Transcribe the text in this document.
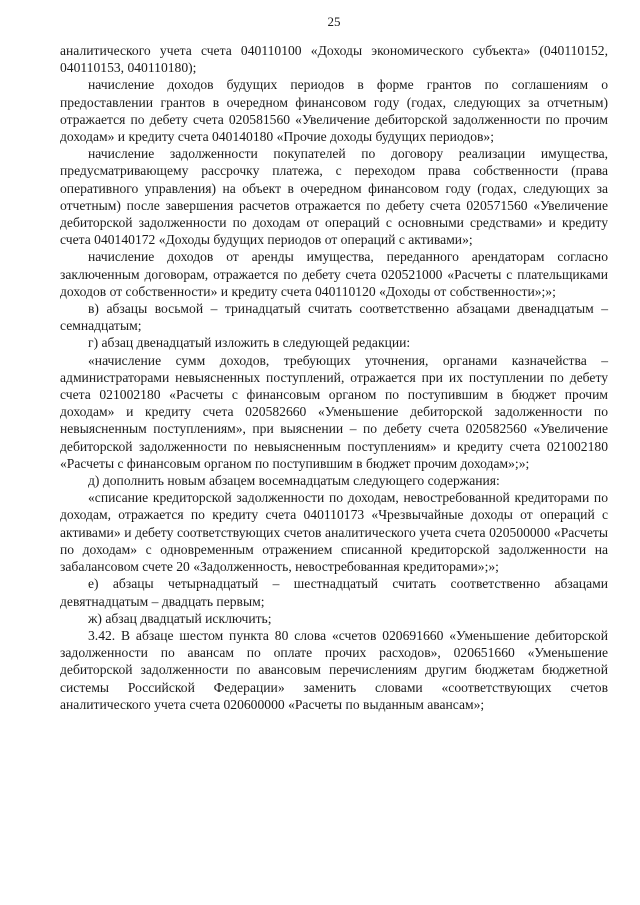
25

аналитического учета счета 040110100 «Доходы экономического субъекта» (040110152, 040110153, 040110180);

начисление доходов будущих периодов в форме грантов по соглашениям о предоставлении грантов в очередном финансовом году (годах, следующих за отчетным) отражается по дебету счета 020581560 «Увеличение дебиторской задолженности по прочим доходам» и кредиту счета 040140180 «Прочие доходы будущих периодов»;

начисление задолженности покупателей по договору реализации имущества, предусматривающему рассрочку платежа, с переходом права собственности (права оперативного управления) на объект в очередном финансовом году (годах, следующих за отчетным) после завершения расчетов отражается по дебету счета 020571560 «Увеличение дебиторской задолженности по доходам от операций с основными средствами» и кредиту счета 040140172 «Доходы будущих периодов от операций с активами»;

начисление доходов от аренды имущества, переданного арендаторам согласно заключенным договорам, отражается по дебету счета 020521000 «Расчеты с плательщиками доходов от собственности» и кредиту счета 040110120 «Доходы от собственности»;»;

в) абзацы восьмой – тринадцатый считать соответственно абзацами двенадцатым – семнадцатым;

г) абзац двенадцатый изложить в следующей редакции:

«начисление сумм доходов, требующих уточнения, органами казначейства – администраторами невыясненных поступлений, отражается при их поступлении по дебету счета 021002180 «Расчеты с финансовым органом по поступившим в бюджет прочим доходам» и кредиту счета 020582660 «Уменьшение дебиторской задолженности по невыясненным поступлениям», при выяснении – по дебету счета 020582560 «Увеличение дебиторской задолженности по невыясненным поступлениям» и кредиту счета 021002180 «Расчеты с финансовым органом по поступившим в бюджет прочим доходам»;»;

д) дополнить новым абзацем восемнадцатым следующего содержания:

«списание кредиторской задолженности по доходам, невостребованной кредиторами по доходам, отражается по кредиту счета 040110173 «Чрезвычайные доходы от операций с активами» и дебету соответствующих счетов аналитического учета счета 020500000 «Расчеты по доходам» с одновременным отражением списанной кредиторской задолженности на забалансовом счете 20 «Задолженность, невостребованная кредиторами»;»;

е) абзацы четырнадцатый – шестнадцатый считать соответственно абзацами девятнадцатым – двадцать первым;

ж) абзац двадцатый исключить;

3.42. В абзаце шестом пункта 80 слова «счетов 020691660 «Уменьшение дебиторской задолженности по авансам по оплате прочих расходов», 020651660 «Уменьшение дебиторской задолженности по авансовым перечислениям другим бюджетам бюджетной системы Российской Федерации» заменить словами «соответствующих счетов аналитического учета счета 020600000 «Расчеты по выданным авансам»;
